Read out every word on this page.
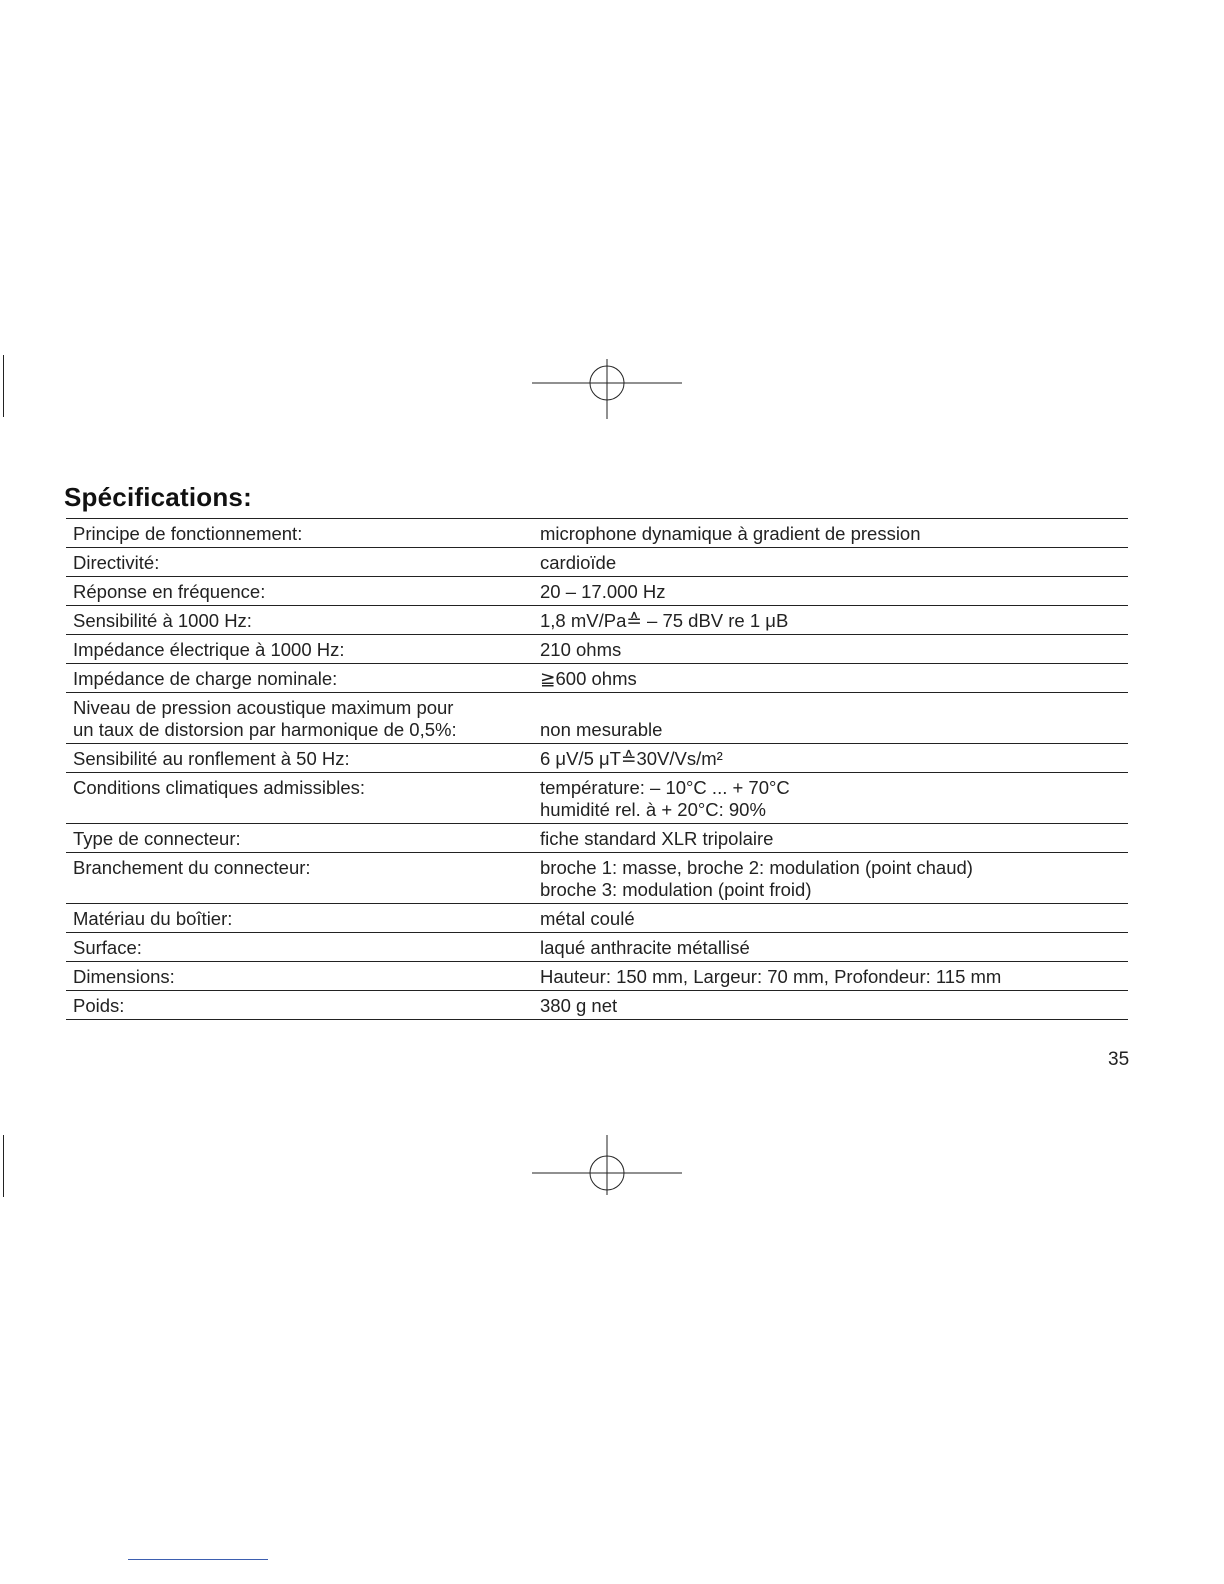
Spécifications:
Principe de fonctionnement:	microphone dynamique à gradient de pression

Directivité:	cardioïde

Réponse en fréquence:	20 – 17.000 Hz

Sensibilité à 1000 Hz:	1,8 mV/Pa≙ – 75 dBV re 1 μB

Impédance électrique à 1000 Hz:	210 ohms

Impédance de charge nominale:	≧600 ohms

Niveau de pression acoustique maximum pour
un taux de distorsion par harmonique de 0,5%:	non mesurable

Sensibilité au ronflement à 50 Hz:	6 μV/5 μT≙30V/Vs/m²

Conditions climatiques admissibles:	température: – 10°C ... + 70°C
humidité rel. à + 20°C: 90%

Type de connecteur:	fiche standard XLR tripolaire

Branchement du connecteur:	broche 1: masse, broche 2: modulation (point chaud)
broche 3: modulation (point froid)

Matériau du boîtier:	métal coulé

Surface:	laqué anthracite métallisé

Dimensions:	Hauteur: 150 mm, Largeur: 70 mm, Profondeur: 115 mm

Poids:	380 g net
35
